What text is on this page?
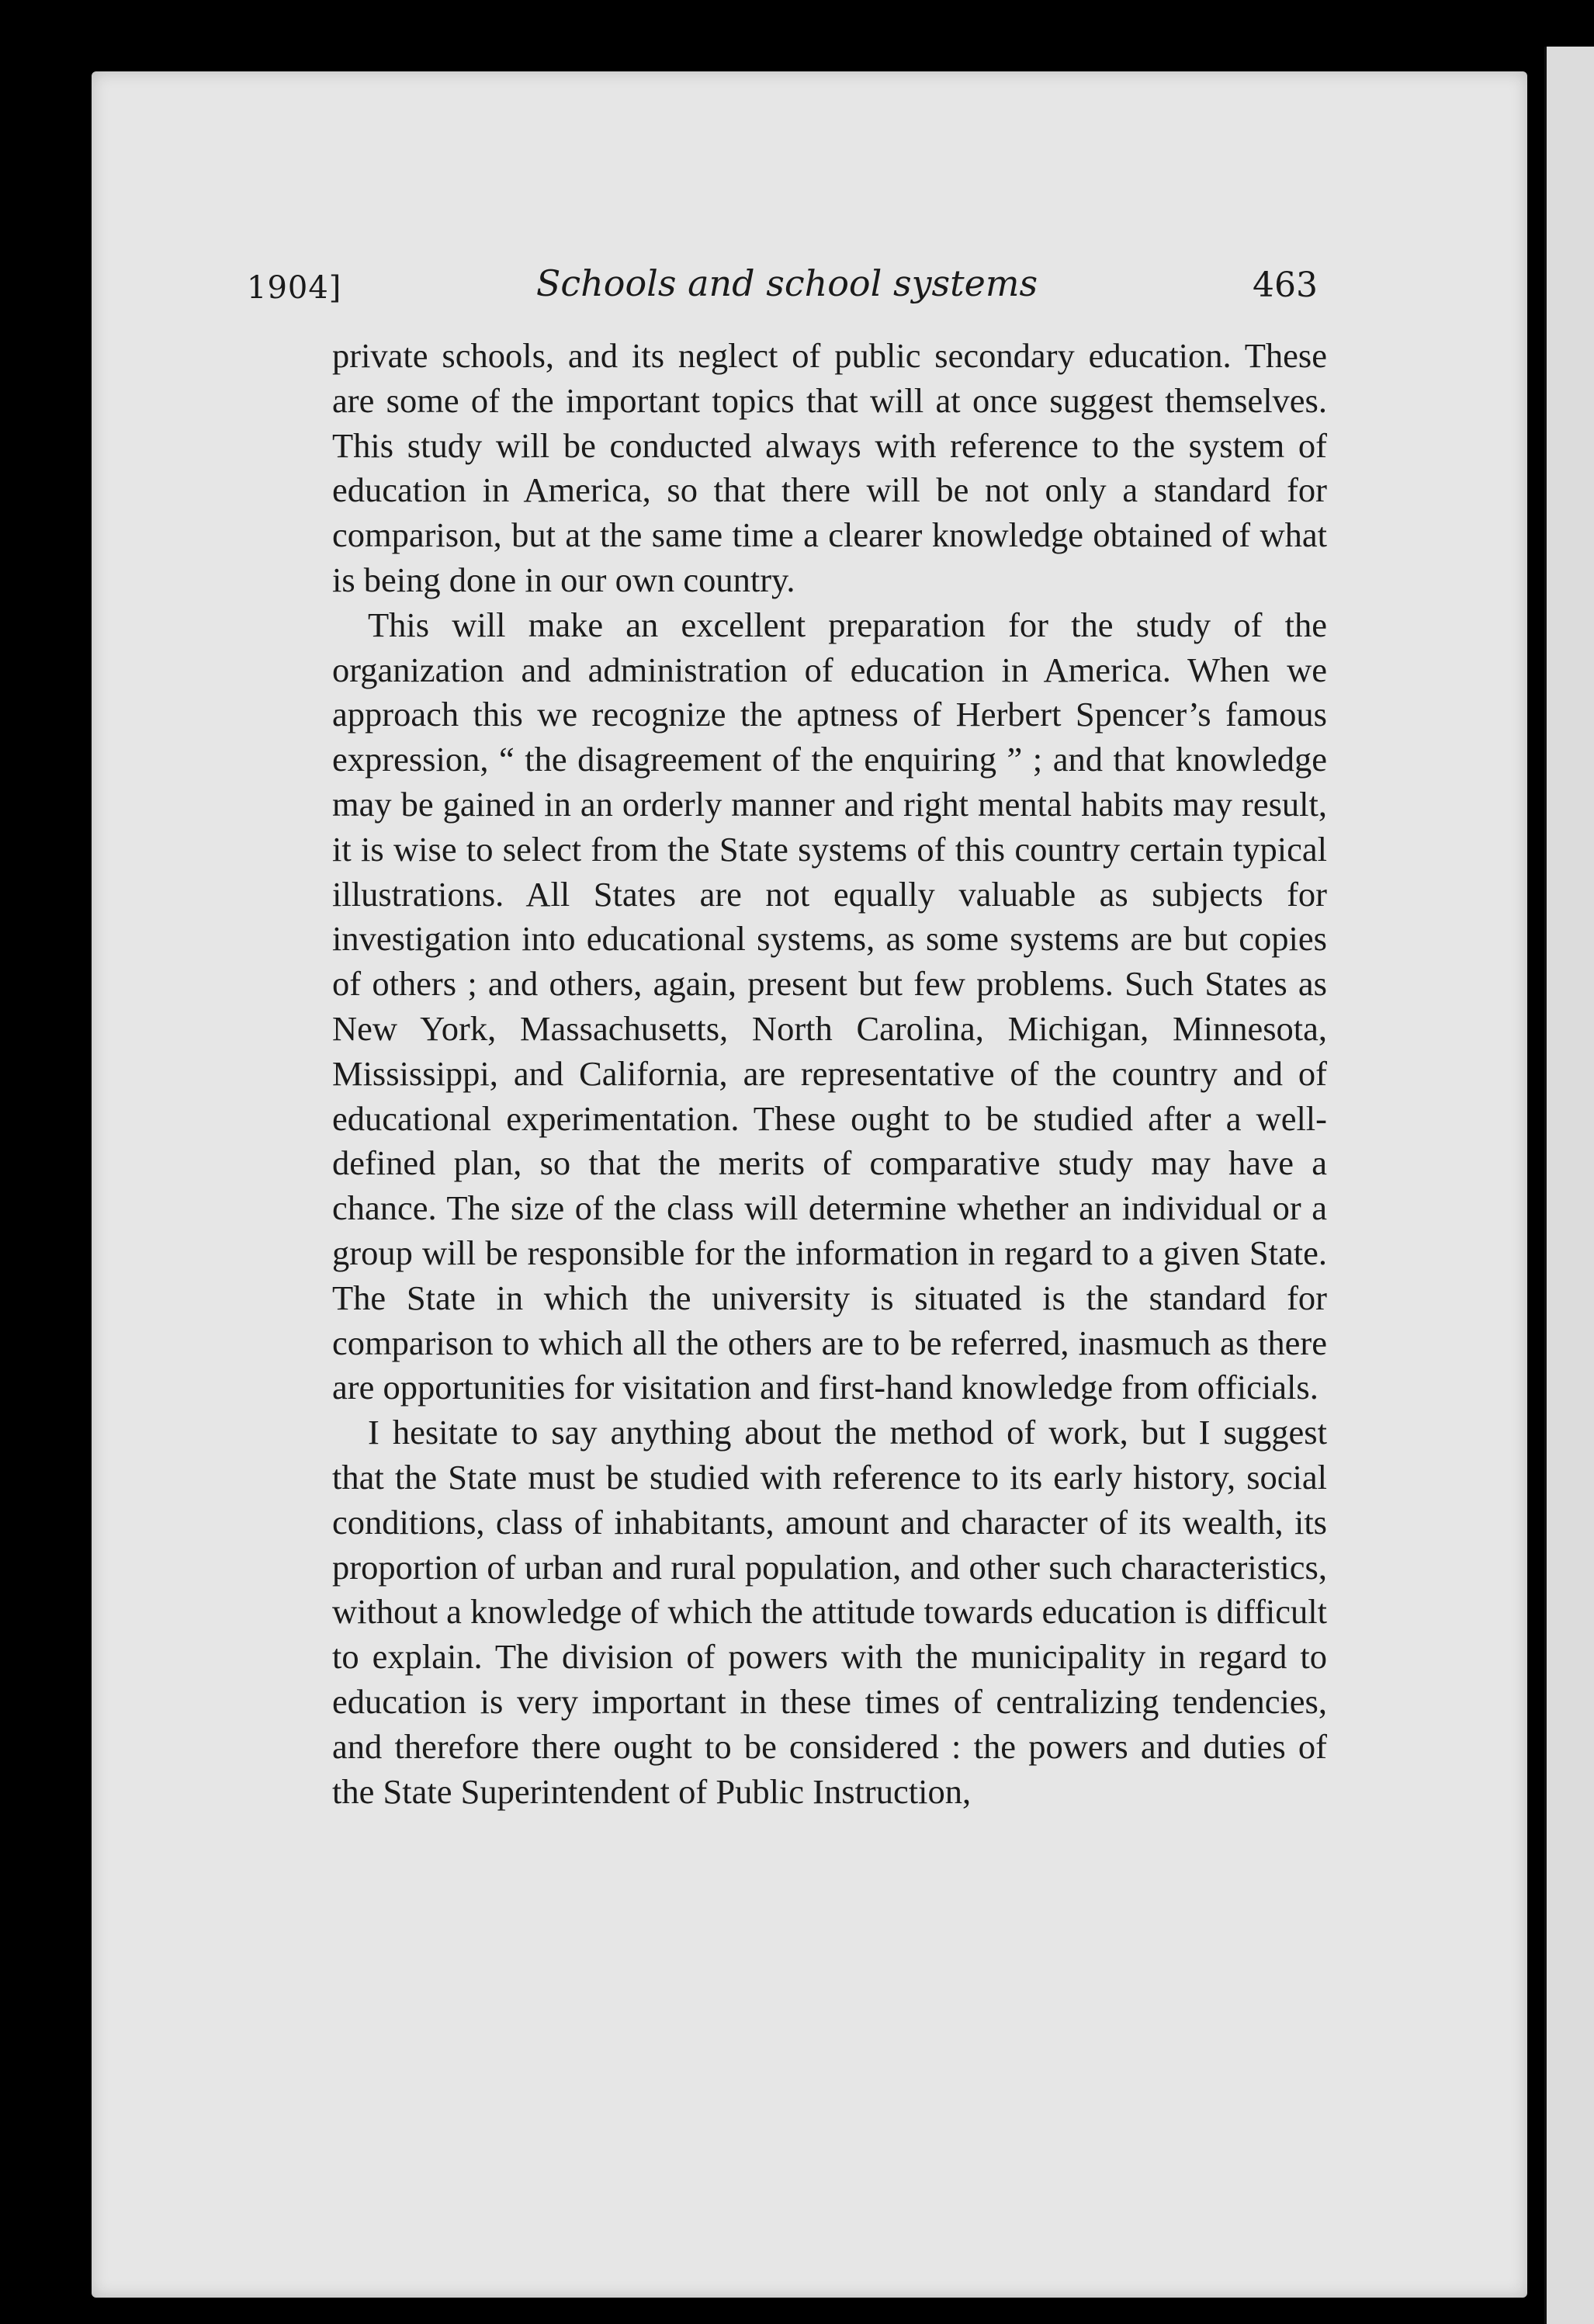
1904]	Schools and school systems	463

private schools, and its neglect of public secondary education. These are some of the important topics that will at once suggest themselves. This study will be conducted always with reference to the system of education in America, so that there will be not only a standard for comparison, but at the same time a clearer knowledge obtained of what is being done in our own country.

This will make an excellent preparation for the study of the organization and administration of education in America. When we approach this we recognize the aptness of Herbert Spencer’s famous expression, “ the disagreement of the enquiring ” ; and that knowledge may be gained in an orderly manner and right mental habits may result, it is wise to select from the State systems of this country certain typical illustrations. All States are not equally valuable as subjects for investigation into educational systems, as some systems are but copies of others ; and others, again, present but few problems. Such States as New York, Massachusetts, North Carolina, Michigan, Minnesota, Mississippi, and California, are representative of the country and of educational experimentation. These ought to be studied after a well-defined plan, so that the merits of comparative study may have a chance. The size of the class will determine whether an individual or a group will be responsible for the information in regard to a given State. The State in which the university is situated is the standard for comparison to which all the others are to be referred, inasmuch as there are opportunities for visitation and first-hand knowledge from officials.

I hesitate to say anything about the method of work, but I suggest that the State must be studied with reference to its early history, social conditions, class of inhabitants, amount and character of its wealth, its proportion of urban and rural population, and other such characteristics, without a knowledge of which the attitude towards education is difficult to explain. The division of powers with the municipality in regard to education is very important in these times of centralizing tendencies, and therefore there ought to be considered : the powers and duties of the State Superintendent of Public Instruction,
